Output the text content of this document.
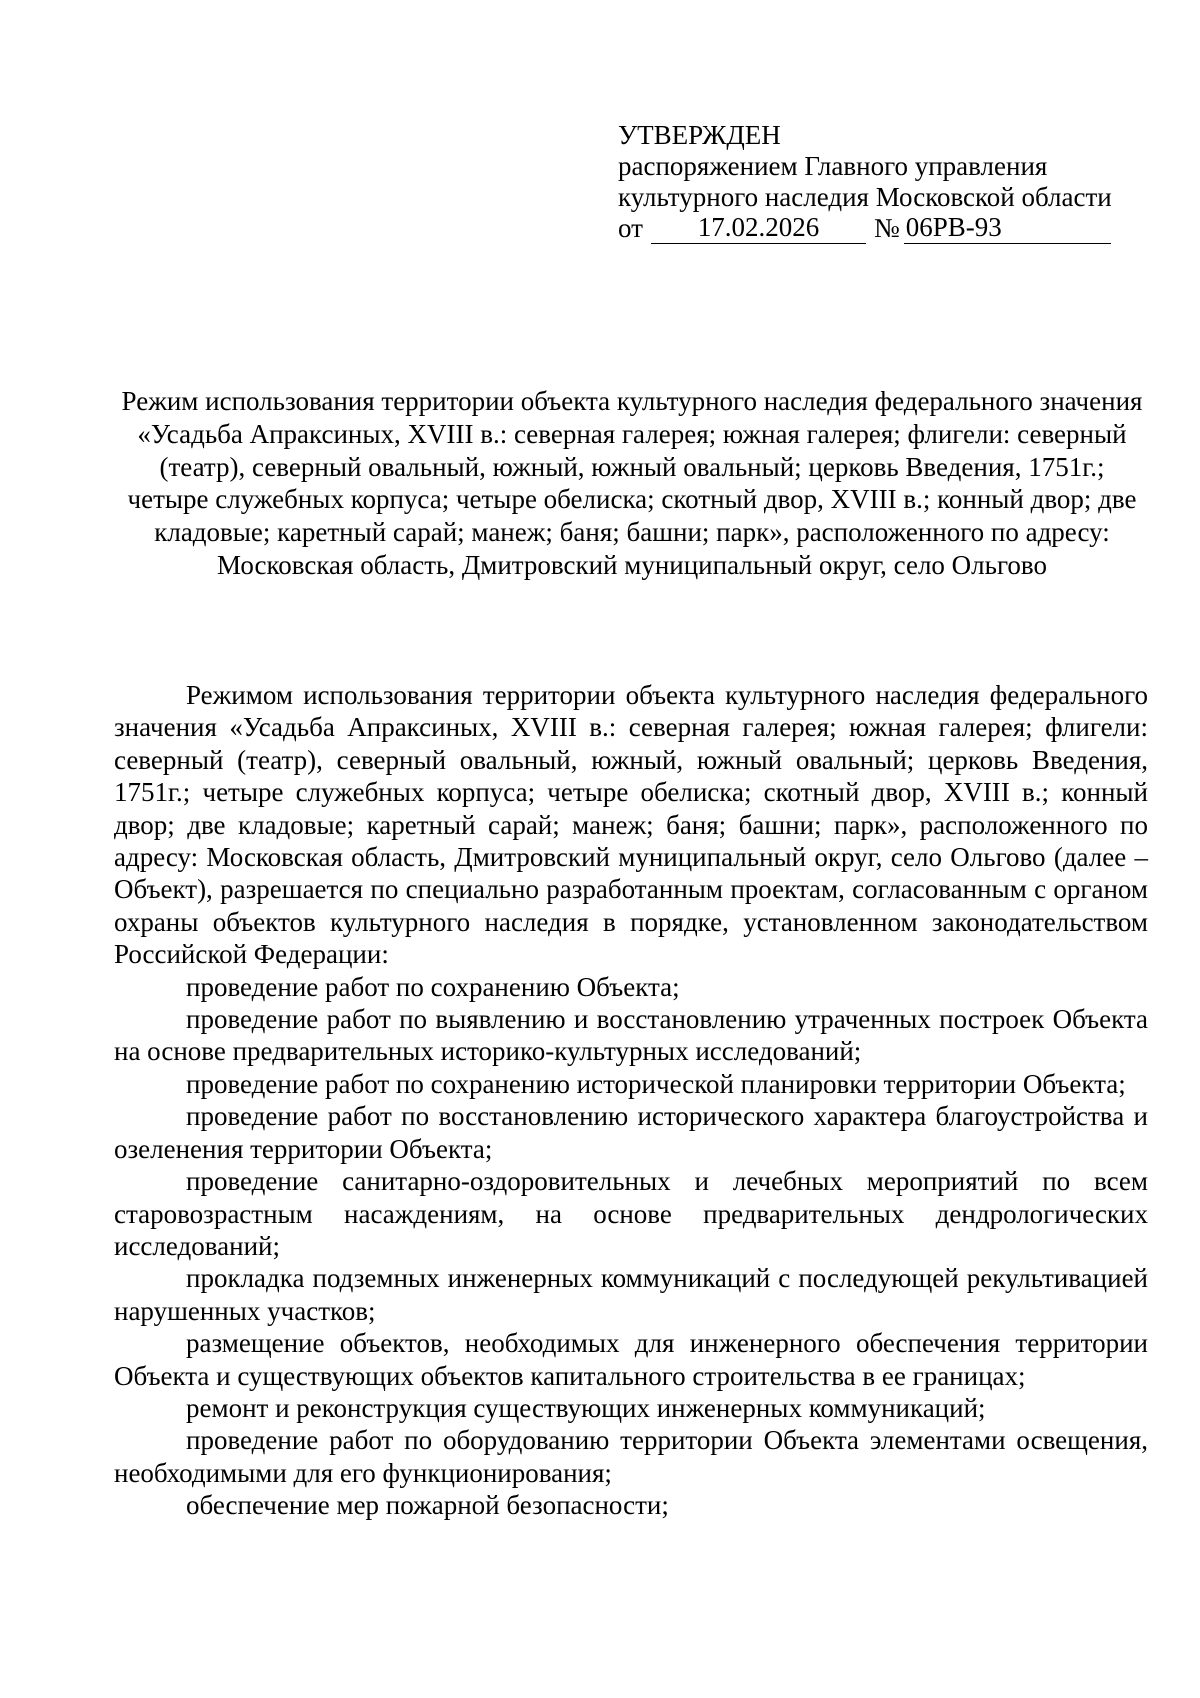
УТВЕРЖДЕН
распоряжением Главного управления
культурного наследия Московской области
от	17.02.2026	№ 06РВ-93
Режим использования территории объекта культурного наследия федерального значения «Усадьба Апраксиных, XVIII в.: северная галерея; южная галерея; флигели: северный (театр), северный овальный, южный, южный овальный; церковь Введения, 1751г.; четыре служебных корпуса; четыре обелиска; скотный двор, XVIII в.; конный двор; две кладовые; каретный сарай; манеж; баня; башни; парк», расположенного по адресу: Московская область, Дмитровский муниципальный округ, село Ольгово

Режимом использования территории объекта культурного наследия федерального значения «Усадьба Апраксиных, XVIII в.: северная галерея; южная галерея; флигели: северный (театр), северный овальный, южный, южный овальный; церковь Введения, 1751г.; четыре служебных корпуса; четыре обелиска; скотный двор, XVIII в.; конный двор; две кладовые; каретный сарай; манеж; баня; башни; парк», расположенного по адресу: Московская область, Дмитровский муниципальный округ, село Ольгово (далее – Объект), разрешается по специально разработанным проектам, согласованным с органом охраны объектов культурного наследия в порядке, установленном законодательством Российской Федерации:

проведение работ по сохранению Объекта;

проведение работ по выявлению и восстановлению утраченных построек Объекта на основе предварительных историко-культурных исследований;

проведение работ по сохранению исторической планировки территории Объекта;

проведение работ по восстановлению исторического характера благоустройства и озеленения территории Объекта;

проведение санитарно-оздоровительных и лечебных мероприятий по всем старовозрастным насаждениям, на основе предварительных дендрологических исследований;

прокладка подземных инженерных коммуникаций с последующей рекультивацией нарушенных участков;

размещение объектов, необходимых для инженерного обеспечения территории Объекта и существующих объектов капитального строительства в ее границах;

ремонт и реконструкция существующих инженерных коммуникаций;

проведение работ по оборудованию территории Объекта элементами освещения, необходимыми для его функционирования;

обеспечение мер пожарной безопасности;
